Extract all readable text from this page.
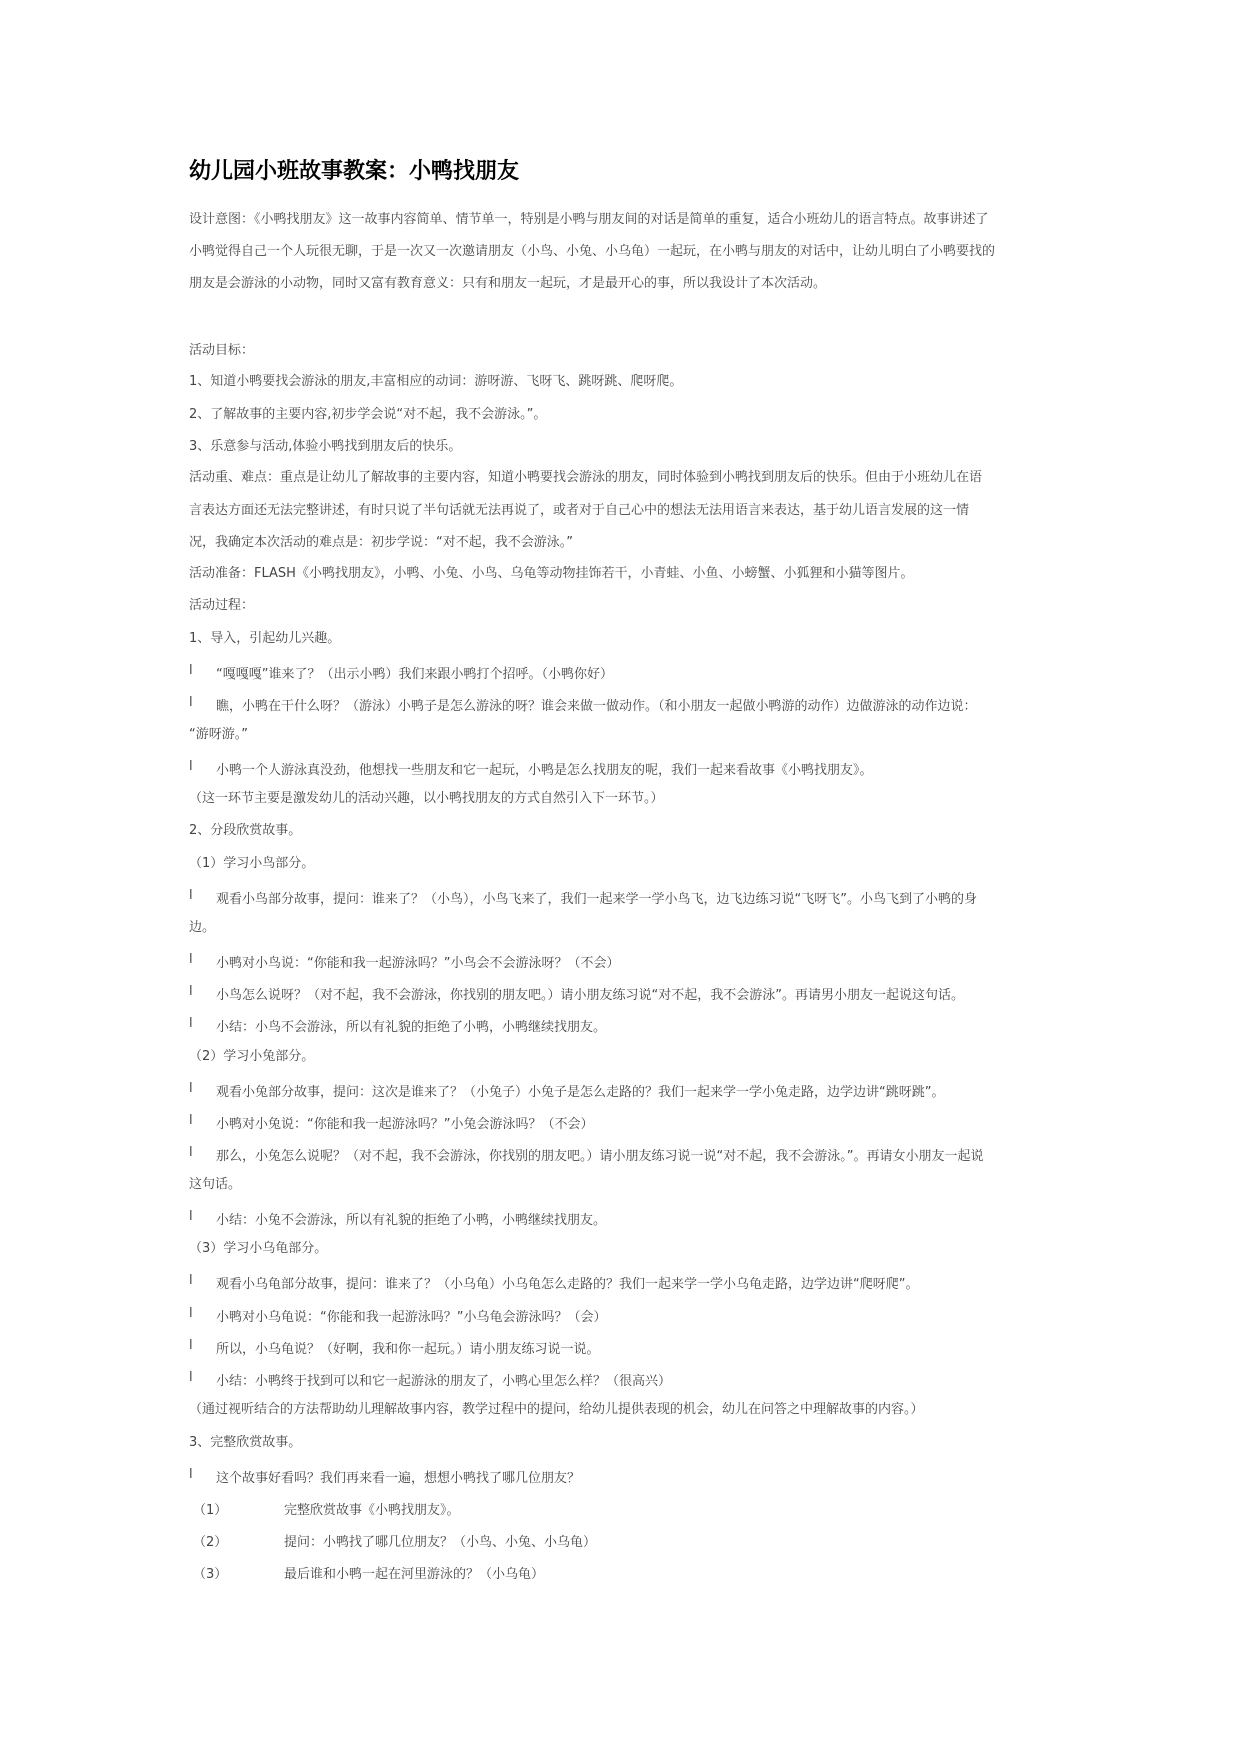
幼儿园小班故事教案：小鸭找朋友
设计意图：《小鸭找朋友》这一故事内容简单、情节单一，特别是小鸭与朋友间的对话是简单的重复，适合小班幼儿的语言特点。故事讲述了
小鸭觉得自己一个人玩很无聊，于是一次又一次邀请朋友（小鸟、小兔、小乌龟）一起玩，在小鸭与朋友的对话中，让幼儿明白了小鸭要找的
朋友是会游泳的小动物，同时又富有教育意义：只有和朋友一起玩，才是最开心的事，所以我设计了本次活动。
活动目标：
1、知道小鸭要找会游泳的朋友,丰富相应的动词：游呀游、飞呀飞、跳呀跳、爬呀爬。
2、了解故事的主要内容,初步学会说“对不起，我不会游泳。”。
3、乐意参与活动,体验小鸭找到朋友后的快乐。
活动重、难点：重点是让幼儿了解故事的主要内容，知道小鸭要找会游泳的朋友，同时体验到小鸭找到朋友后的快乐。但由于小班幼儿在语
言表达方面还无法完整讲述，有时只说了半句话就无法再说了，或者对于自己心中的想法无法用语言来表达，基于幼儿语言发展的这一情
况，我确定本次活动的难点是：初步学说：“对不起，我不会游泳。”
活动准备：FLASH《小鸭找朋友》，小鸭、小兔、小鸟、乌龟等动物挂饰若干，小青蛙、小鱼、小螃蟹、小狐狸和小猫等图片。
活动过程：
1、导入，引起幼儿兴趣。
l “嘎嘎嘎”谁来了？（出示小鸭）我们来跟小鸭打个招呼。（小鸭你好）
l 瞧，小鸭在干什么呀？（游泳）小鸭子是怎么游泳的呀？谁会来做一做动作。（和小朋友一起做小鸭游的动作）边做游泳的动作边说：
“游呀游。”
l 小鸭一个人游泳真没劲，他想找一些朋友和它一起玩，小鸭是怎么找朋友的呢，我们一起来看故事《小鸭找朋友》。
（这一环节主要是激发幼儿的活动兴趣，以小鸭找朋友的方式自然引入下一环节。）
2、分段欣赏故事。
（1）学习小鸟部分。
l 观看小鸟部分故事，提问：谁来了？（小鸟），小鸟飞来了，我们一起来学一学小鸟飞，边飞边练习说“飞呀飞”。小鸟飞到了小鸭的身
边。
l 小鸭对小鸟说：“你能和我一起游泳吗？”小鸟会不会游泳呀？（不会）
l 小鸟怎么说呀？（对不起，我不会游泳，你找别的朋友吧。）请小朋友练习说“对不起，我不会游泳”。再请男小朋友一起说这句话。
l 小结：小鸟不会游泳，所以有礼貌的拒绝了小鸭，小鸭继续找朋友。
（2）学习小兔部分。
l 观看小兔部分故事，提问：这次是谁来了？（小兔子）小兔子是怎么走路的？我们一起来学一学小兔走路，边学边讲“跳呀跳”。
l 小鸭对小兔说：“你能和我一起游泳吗？”小兔会游泳吗？（不会）
l 那么，小兔怎么说呢？（对不起，我不会游泳，你找别的朋友吧。）请小朋友练习说一说“对不起，我不会游泳。”。再请女小朋友一起说
这句话。
l 小结：小兔不会游泳，所以有礼貌的拒绝了小鸭，小鸭继续找朋友。
（3）学习小乌龟部分。
l 观看小乌龟部分故事，提问：谁来了？（小乌龟）小乌龟怎么走路的？我们一起来学一学小乌龟走路，边学边讲“爬呀爬”。
l 小鸭对小乌龟说：“你能和我一起游泳吗？”小乌龟会游泳吗？（会）
l 所以，小乌龟说？（好啊，我和你一起玩。）请小朋友练习说一说。
l 小结：小鸭终于找到可以和它一起游泳的朋友了，小鸭心里怎么样？（很高兴）
（通过视听结合的方法帮助幼儿理解故事内容，教学过程中的提问，给幼儿提供表现的机会，幼儿在问答之中理解故事的内容。）
3、完整欣赏故事。
l 这个故事好看吗？我们再来看一遍，想想小鸭找了哪几位朋友？
（1）	完整欣赏故事《小鸭找朋友》。
（2）	提问：小鸭找了哪几位朋友？（小鸟、小兔、小乌龟）
（3）	最后谁和小鸭一起在河里游泳的？（小乌龟）
